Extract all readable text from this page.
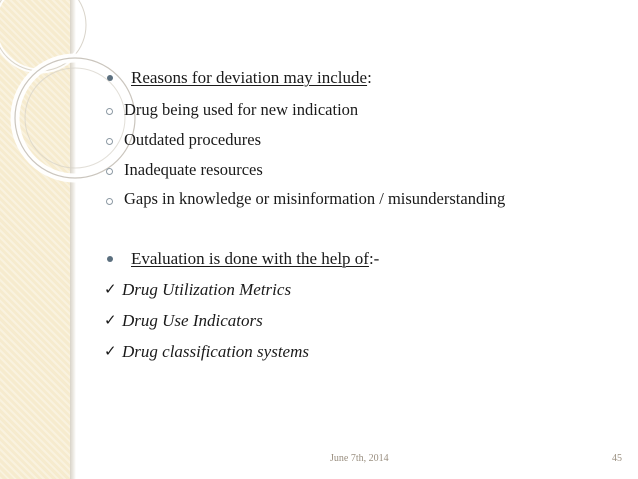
Reasons for deviation may include:
Drug being used for new indication
Outdated procedures
Inadequate resources
Gaps in knowledge or misinformation / misunderstanding
Evaluation is done with the help of:-
✓ Drug Utilization Metrics
✓ Drug Use Indicators
✓ Drug classification systems
June 7th, 2014	45
